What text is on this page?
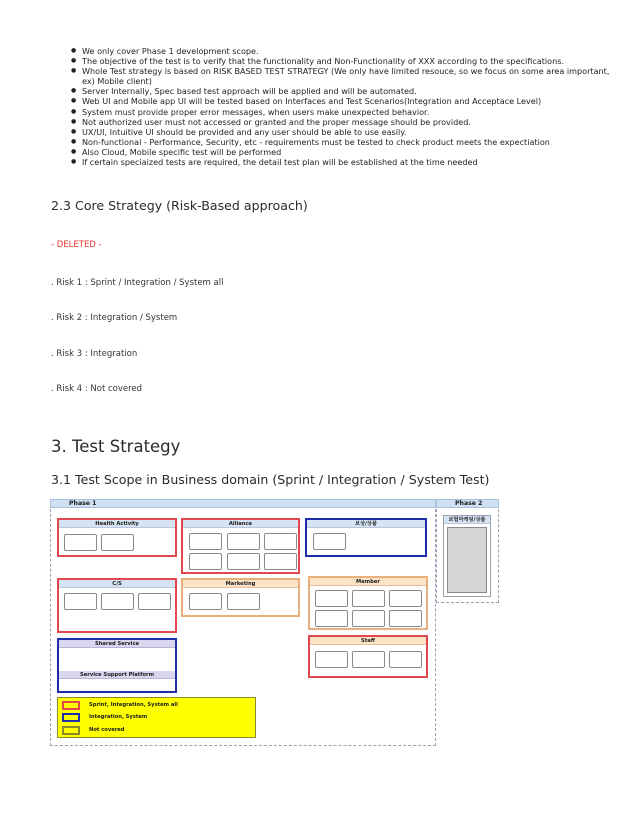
● We only cover Phase 1 development scope.
● The objective of the test is to verify that the functionality and Non-Functionality of XXX according to the specifications.
● Whole Test strategy is based on RISK BASED TEST STRATEGY (We only have limited resouce, so we focus on some area important, ex) Mobile client)
● Server Internally, Spec based test approach will be applied and will be automated.
● Web UI and Mobile app UI will be tested based on Interfaces and Test Scenarios(Integration and Acceptace Level)
● System must provide proper error messages, when users make unexpected behavior.
● Not authorized user must not accessed or granted and the proper message should be provided.
● UX/UI, Intuitive UI should be provided and any user should be able to use easily.
● Non-functional - Performance, Security, etc - requirements must be tested to check product meets the expectiation
● Also Cloud, Mobile specific test will be performed
● If certain speciaized tests are required, the detail test plan will be established at the time needed
2.3 Core Strategy (Risk-Based approach)
- DELETED -
. Risk 1 : Sprint / Integration / System all
. Risk 2 : Integration / System
. Risk 3 : Integration
. Risk 4 : Not covered
3. Test Strategy
3.1 Test Scope in Business domain (Sprint / Integration / System Test)
Phase 1	Phase 2
보험마케팅/상품
Health Activity	Alliance	보상/상품
C/S	Marketing	Member
Staff
Shared Service
Service Support Platform
Sprint, Integration, System all
Integration, System
Not covered
